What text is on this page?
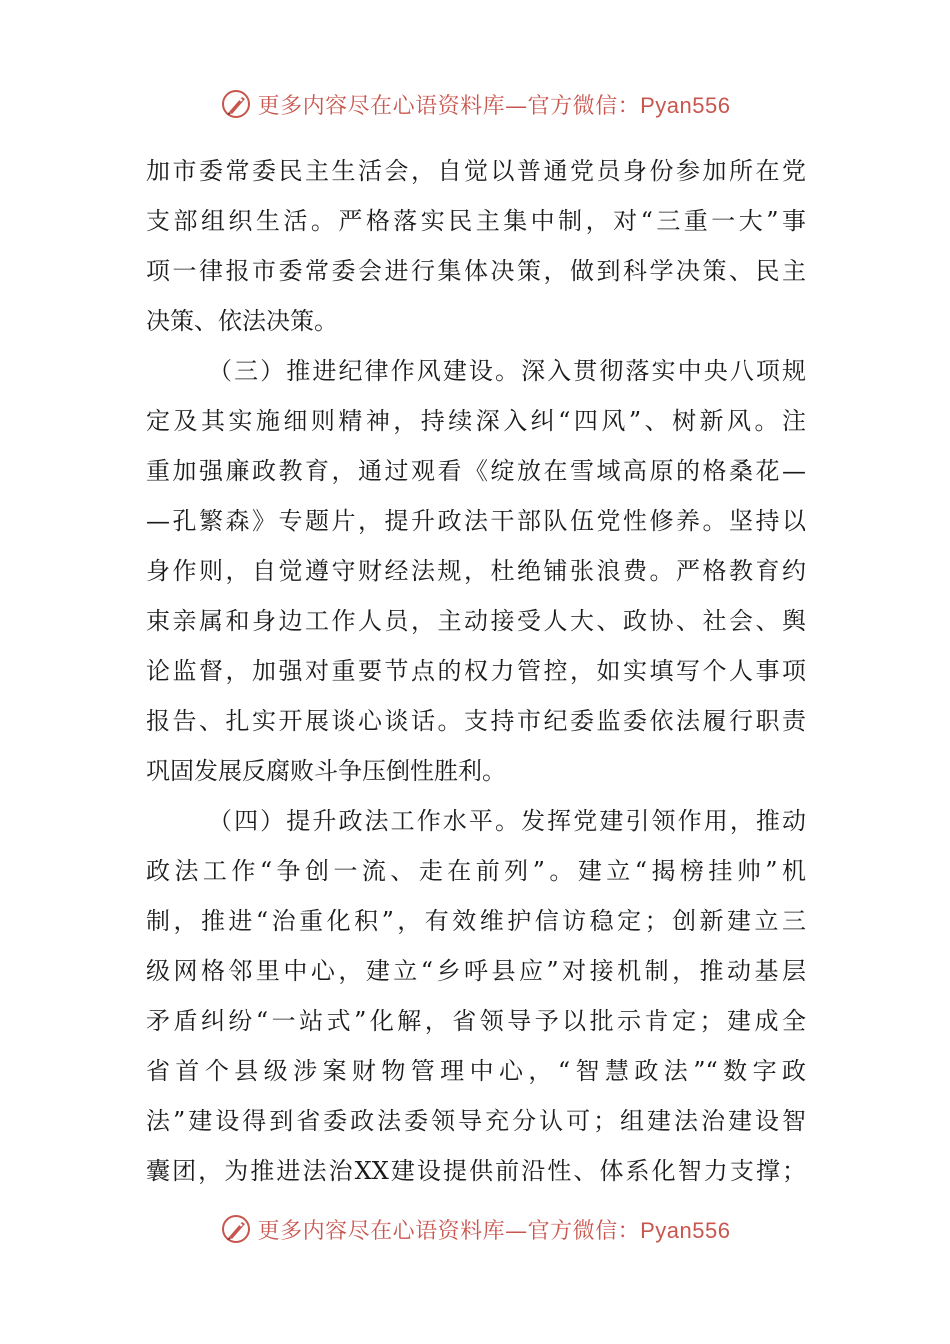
更多内容尽在心语资料库—官方微信：Pyan556
加市委常委民主生活会，自觉以普通党员身份参加所在党
支部组织生活。严格落实民主集中制，对“三重一大”事
项一律报市委常委会进行集体决策，做到科学决策、民主
决策、依法决策。
（三）推进纪律作风建设。深入贯彻落实中央八项规
定及其实施细则精神，持续深入纠“四风”、树新风。注
重加强廉政教育，通过观看《绽放在雪域高原的格桑花—
—孔繁森》专题片，提升政法干部队伍党性修养。坚持以
身作则，自觉遵守财经法规，杜绝铺张浪费。严格教育约
束亲属和身边工作人员，主动接受人大、政协、社会、舆
论监督，加强对重要节点的权力管控，如实填写个人事项
报告、扎实开展谈心谈话。支持市纪委监委依法履行职责
巩固发展反腐败斗争压倒性胜利。
（四）提升政法工作水平。发挥党建引领作用，推动
政法工作“争创一流、走在前列”。建立“揭榜挂帅”机
制，推进“治重化积”，有效维护信访稳定；创新建立三
级网格邻里中心，建立“乡呼县应”对接机制，推动基层
矛盾纠纷“一站式”化解，省领导予以批示肯定；建成全
省首个县级涉案财物管理中心，“智慧政法”“数字政
法”建设得到省委政法委领导充分认可；组建法治建设智
囊团，为推进法治XX建设提供前沿性、体系化智力支撑；
更多内容尽在心语资料库—官方微信：Pyan556
